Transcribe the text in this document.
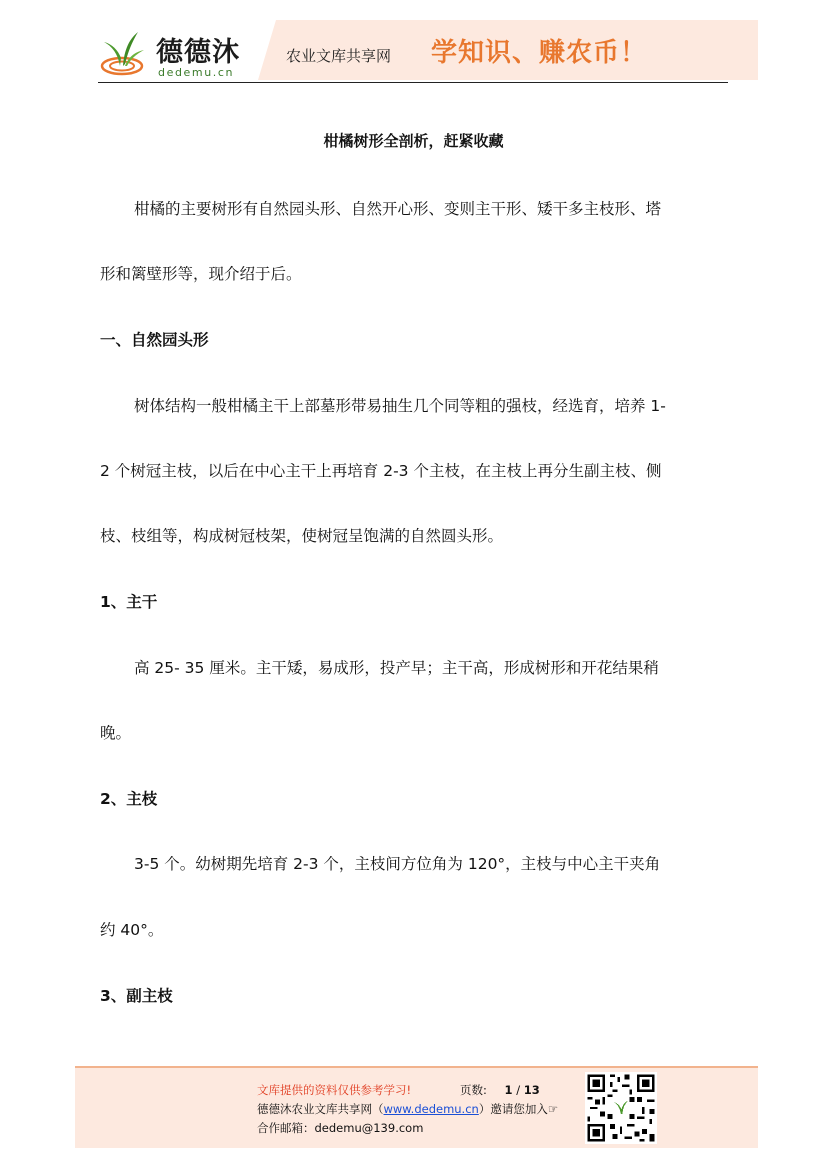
德德沐
dedemu.cn
农业文库共享网 学知识、赚农币！
柑橘树形全剖析，赶紧收藏
柑橘的主要树形有自然园头形、自然开心形、变则主干形、矮干多主枝形、塔
形和篱壁形等，现介绍于后。
一、自然园头形
树体结构一般柑橘主干上部墓形带易抽生几个同等粗的强枝，经选育，培养 1-
2 个树冠主枝，以后在中心主干上再培育 2-3 个主枝，在主枝上再分生副主枝、侧
枝、枝组等，构成树冠枝架，使树冠呈饱满的自然圆头形。
1、主干
高 25- 35 厘米。主干矮，易成形，投产早；主干高，形成树形和开花结果稍
晚。
2、主枝
3-5 个。幼树期先培育 2-3 个，主枝间方位角为 120°，主枝与中心主干夹角
约 40°。
3、副主枝
文库提供的资料仅供参考学习!	页数: 1 / 13
德德沐农业文库共享网（www.dedemu.cn）邀请您加入☞
合作邮箱：dedemu@139.com
